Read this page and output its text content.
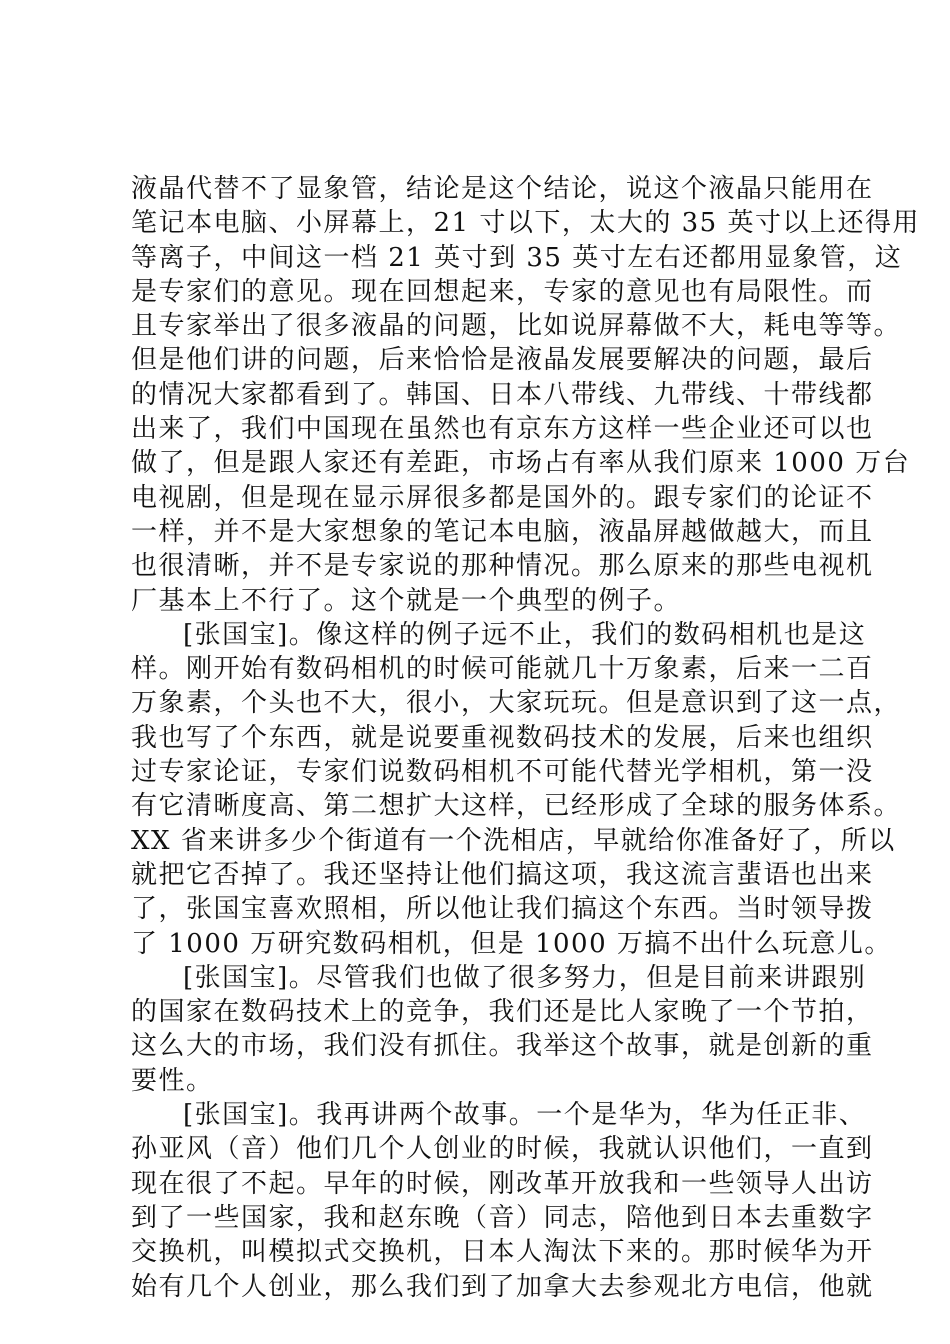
液晶代替不了显象管，结论是这个结论，说这个液晶只能用在
笔记本电脑、小屏幕上，21 寸以下，太大的 35 英寸以上还得用
等离子，中间这一档 21 英寸到 35 英寸左右还都用显象管，这
是专家们的意见。现在回想起来，专家的意见也有局限性。而
且专家举出了很多液晶的问题，比如说屏幕做不大，耗电等等。
但是他们讲的问题，后来恰恰是液晶发展要解决的问题，最后
的情况大家都看到了。韩国、日本八带线、九带线、十带线都
出来了，我们中国现在虽然也有京东方这样一些企业还可以也
做了，但是跟人家还有差距，市场占有率从我们原来 1000 万台
电视剧，但是现在显示屏很多都是国外的。跟专家们的论证不
一样，并不是大家想象的笔记本电脑，液晶屏越做越大，而且
也很清晰，并不是专家说的那种情况。那么原来的那些电视机
厂基本上不行了。这个就是一个典型的例子。
[张国宝]。像这样的例子远不止，我们的数码相机也是这
样。刚开始有数码相机的时候可能就几十万象素，后来一二百
万象素，个头也不大，很小，大家玩玩。但是意识到了这一点，
我也写了个东西，就是说要重视数码技术的发展，后来也组织
过专家论证，专家们说数码相机不可能代替光学相机，第一没
有它清晰度高、第二想扩大这样，已经形成了全球的服务体系。
XX 省来讲多少个街道有一个洗相店，早就给你准备好了，所以
就把它否掉了。我还坚持让他们搞这项，我这流言蜚语也出来
了，张国宝喜欢照相，所以他让我们搞这个东西。当时领导拨
了 1000 万研究数码相机，但是 1000 万搞不出什么玩意儿。
[张国宝]。尽管我们也做了很多努力，但是目前来讲跟别
的国家在数码技术上的竞争，我们还是比人家晚了一个节拍，
这么大的市场，我们没有抓住。我举这个故事，就是创新的重
要性。
[张国宝]。我再讲两个故事。一个是华为，华为任正非、
孙亚风（音）他们几个人创业的时候，我就认识他们，一直到
现在很了不起。早年的时候，刚改革开放我和一些领导人出访
到了一些国家，我和赵东晚（音）同志，陪他到日本去重数字
交换机，叫模拟式交换机，日本人淘汰下来的。那时候华为开
始有几个人创业，那么我们到了加拿大去参观北方电信，他就
